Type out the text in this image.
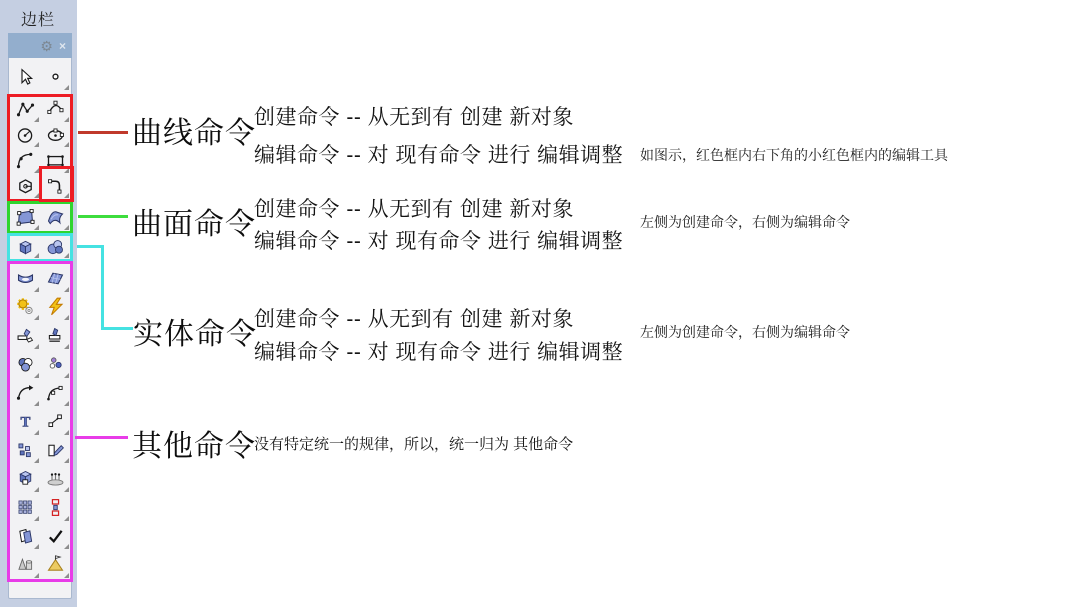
边栏
⚙ ×
T
曲线命令
创建命令 -- 从无到有 创建 新对象
编辑命令 -- 对 现有命令 进行 编辑调整 如图示，红色框内右下角的小红色框内的编辑工具
曲面命令
创建命令 -- 从无到有 创建 新对象
编辑命令 -- 对 现有命令 进行 编辑调整
左侧为创建命令，右侧为编辑命令
实体命令
创建命令 -- 从无到有 创建 新对象
编辑命令 -- 对 现有命令 进行 编辑调整
左侧为创建命令，右侧为编辑命令
其他命令
没有特定统一的规律，所以，统一归为 其他命令
